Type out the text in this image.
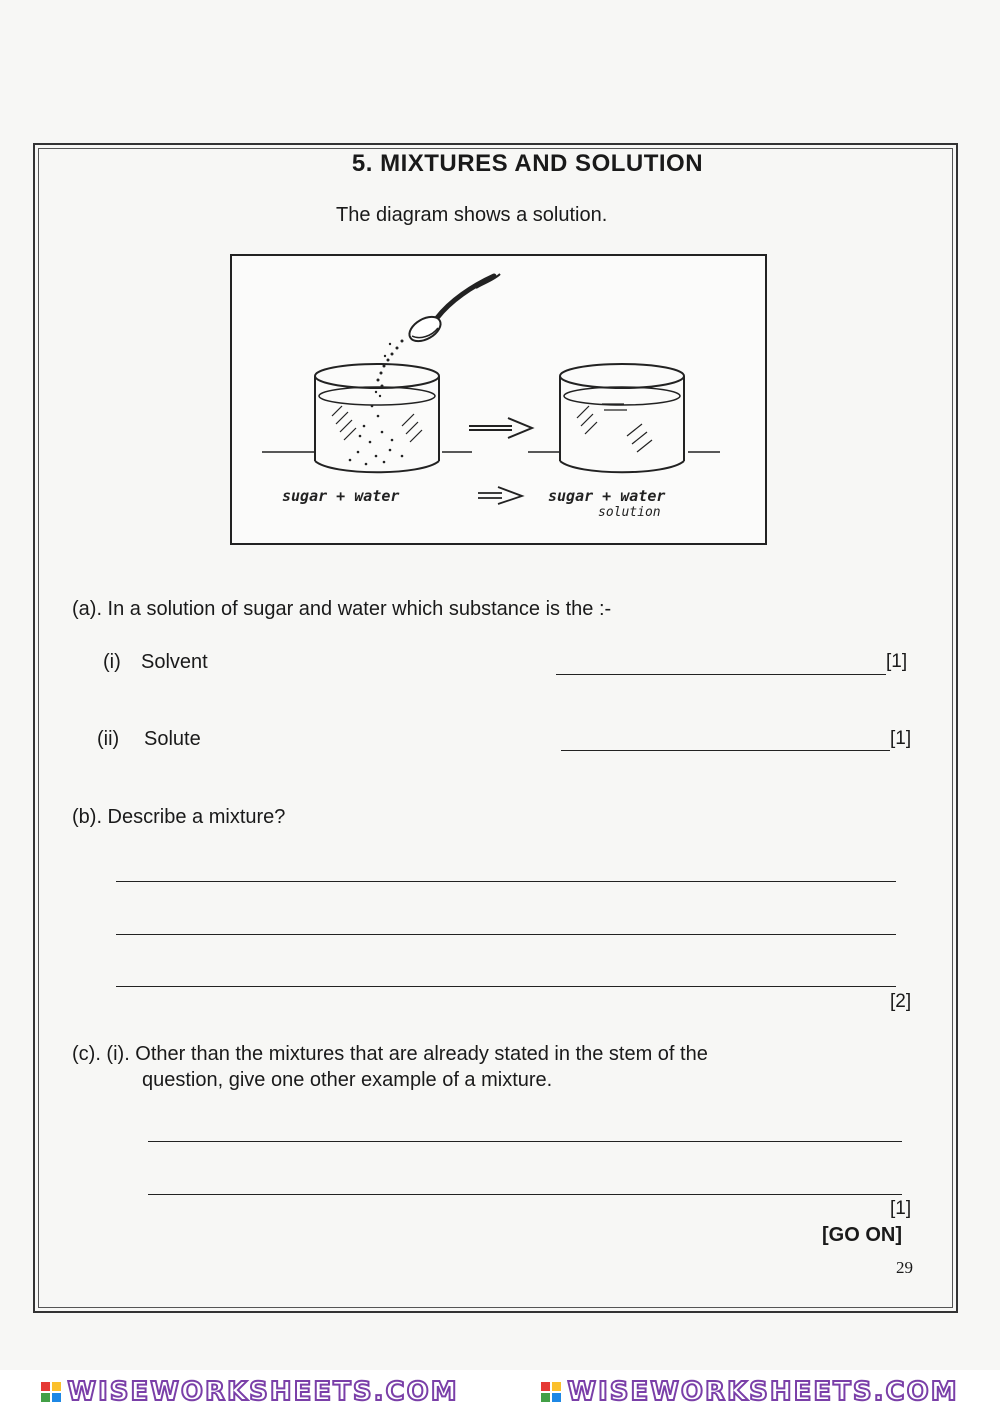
5. MIXTURES AND SOLUTION
The diagram shows a solution.
sugar + water	sugar + water
solution
(a). In a solution of sugar and water which substance is the :-
(i) Solvent	[1]
(ii) Solute	[1]
(b). Describe a mixture?
[2]
(c). (i). Other than the mixtures that are already stated in the stem of the
question, give one other example of a mixture.
[1]
[GO ON]
29
WISEWORKSHEETS.COM	WISEWORKSHEETS.COM
